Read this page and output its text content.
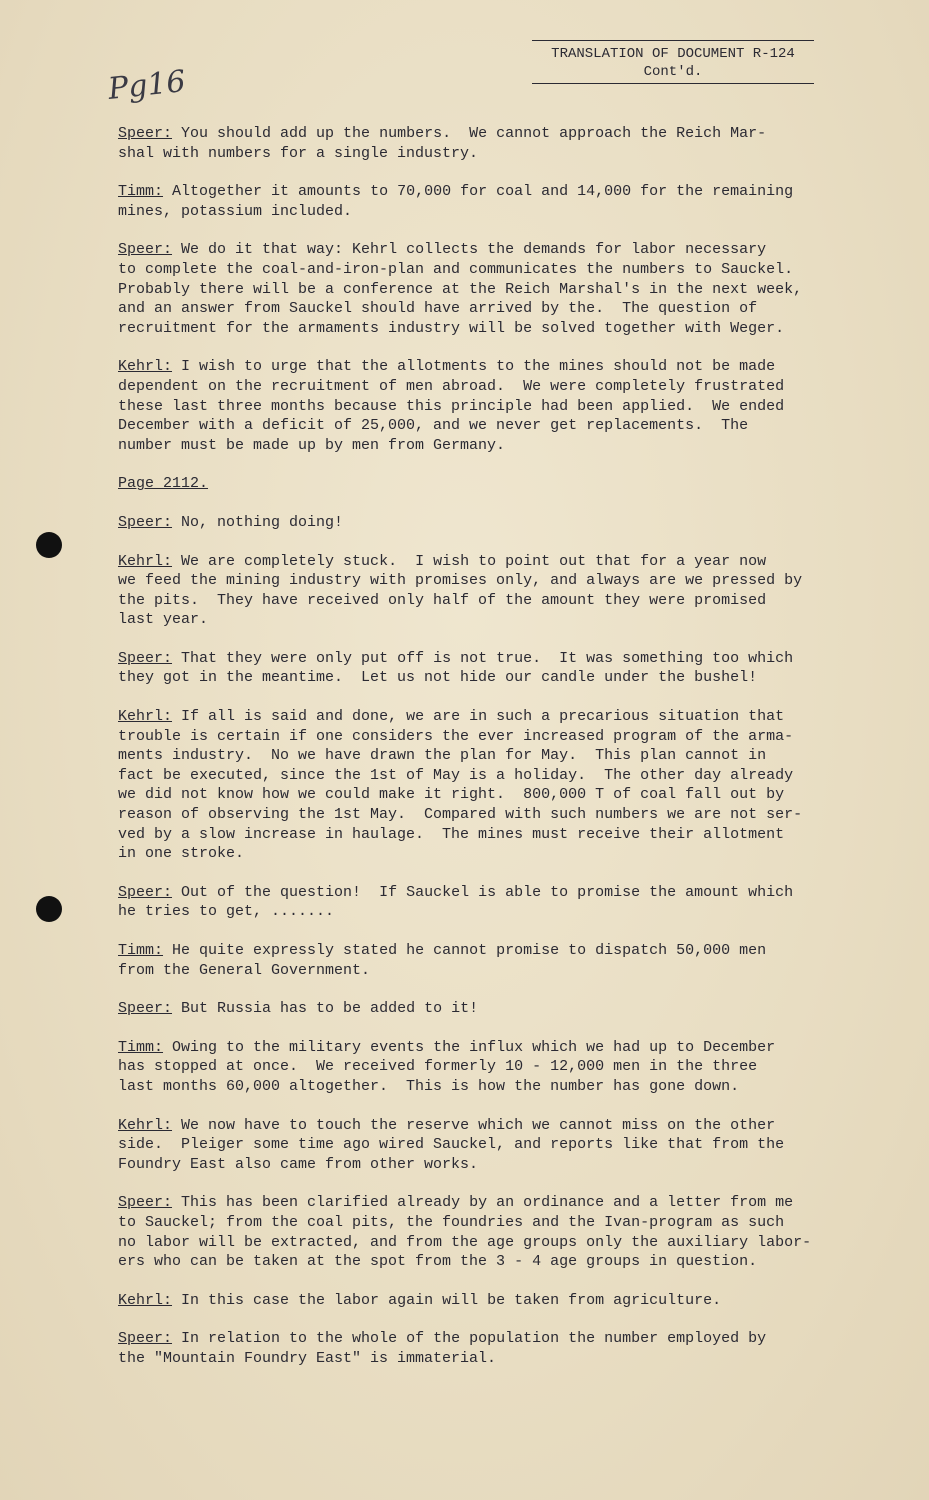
TRANSLATION OF DOCUMENT R-124
Cont'd.
Pg16

Speer: You should add up the numbers.  We cannot approach the Reich Mar-
shal with numbers for a single industry.

Timm: Altogether it amounts to 70,000 for coal and 14,000 for the remaining
mines, potassium included.

Speer: We do it that way: Kehrl collects the demands for labor necessary
to complete the coal-and-iron-plan and communicates the numbers to Sauckel.
Probably there will be a conference at the Reich Marshal's in the next week,
and an answer from Sauckel should have arrived by the.  The question of
recruitment for the armaments industry will be solved together with Weger.

Kehrl: I wish to urge that the allotments to the mines should not be made
dependent on the recruitment of men abroad.  We were completely frustrated
these last three months because this principle had been applied.  We ended
December with a deficit of 25,000, and we never get replacements.  The
number must be made up by men from Germany.

Page 2112.

Speer: No, nothing doing!

Kehrl: We are completely stuck.  I wish to point out that for a year now
we feed the mining industry with promises only, and always are we pressed by
the pits.  They have received only half of the amount they were promised
last year.

Speer: That they were only put off is not true.  It was something too which
they got in the meantime.  Let us not hide our candle under the bushel!

Kehrl: If all is said and done, we are in such a precarious situation that
trouble is certain if one considers the ever increased program of the arma-
ments industry.  No we have drawn the plan for May.  This plan cannot in
fact be executed, since the 1st of May is a holiday.  The other day already
we did not know how we could make it right.  800,000 T of coal fall out by
reason of observing the 1st May.  Compared with such numbers we are not ser-
ved by a slow increase in haulage.  The mines must receive their allotment
in one stroke.

Speer: Out of the question!  If Sauckel is able to promise the amount which
he tries to get, .......

Timm: He quite expressly stated he cannot promise to dispatch 50,000 men
from the General Government.

Speer: But Russia has to be added to it!

Timm: Owing to the military events the influx which we had up to December
has stopped at once.  We received formerly 10 - 12,000 men in the three
last months 60,000 altogether.  This is how the number has gone down.

Kehrl: We now have to touch the reserve which we cannot miss on the other
side.  Pleiger some time ago wired Sauckel, and reports like that from the
Foundry East also came from other works.

Speer: This has been clarified already by an ordinance and a letter from me
to Sauckel; from the coal pits, the foundries and the Ivan-program as such
no labor will be extracted, and from the age groups only the auxiliary labor-
ers who can be taken at the spot from the 3 - 4 age groups in question.

Kehrl: In this case the labor again will be taken from agriculture.

Speer: In relation to the whole of the population the number employed by
the "Mountain Foundry East" is immaterial.
